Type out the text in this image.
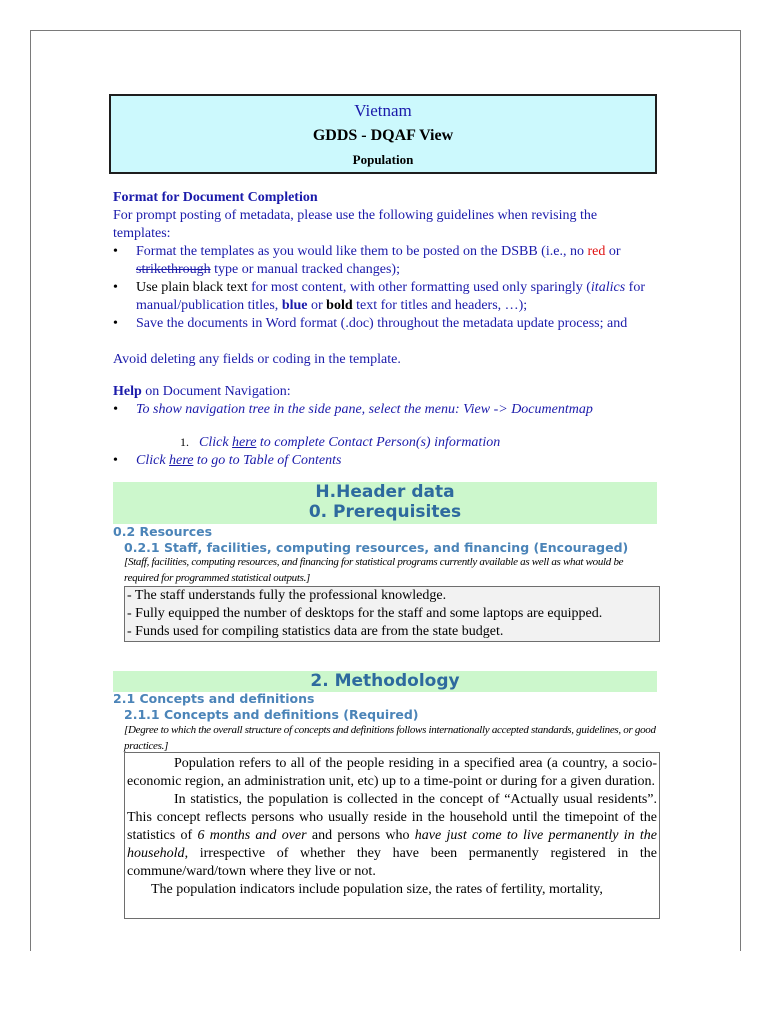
Vietnam
GDDS - DQAF View
Population
Format for Document Completion
For prompt posting of metadata, please use the following guidelines when revising the templates:
• Format the templates as you would like them to be posted on the DSBB (i.e., no red or strikethrough type or manual tracked changes);
• Use plain black text for most content, with other formatting used only sparingly (italics for manual/publication titles, blue or bold text for titles and headers, …);
• Save the documents in Word format (.doc) throughout the metadata update process; and
Avoid deleting any fields or coding in the template.
Help on Document Navigation:
• To show navigation tree in the side pane, select the menu: View -> Documentmap
1. Click here to complete Contact Person(s) information
• Click here to go to Table of Contents
H.Header data
0. Prerequisites
0.2 Resources
0.2.1 Staff, facilities, computing resources, and financing (Encouraged)
[Staff, facilities, computing resources, and financing for statistical programs currently available as well as what would be required for programmed statistical outputs.]
- The staff understands fully the professional knowledge.
- Fully equipped the number of desktops for the staff and some laptops are equipped.
- Funds used for compiling statistics data are from the state budget.
2. Methodology
2.1 Concepts and definitions
2.1.1 Concepts and definitions (Required)
[Degree to which the overall structure of concepts and definitions follows internationally accepted standards, guidelines, or good practices.]

Population refers to all of the people residing in a specified area (a country, a socio-economic region, an administration unit, etc) up to a time-point or during for a given duration.

In statistics, the population is collected in the concept of “Actually usual residents”. This concept reflects persons who usually reside in the household until the timepoint of the statistics of 6 months and over and persons who have just come to live permanently in the household, irrespective of whether they have been permanently registered in the commune/ward/town where they live or not.

The population indicators include population size, the rates of fertility, mortality,
